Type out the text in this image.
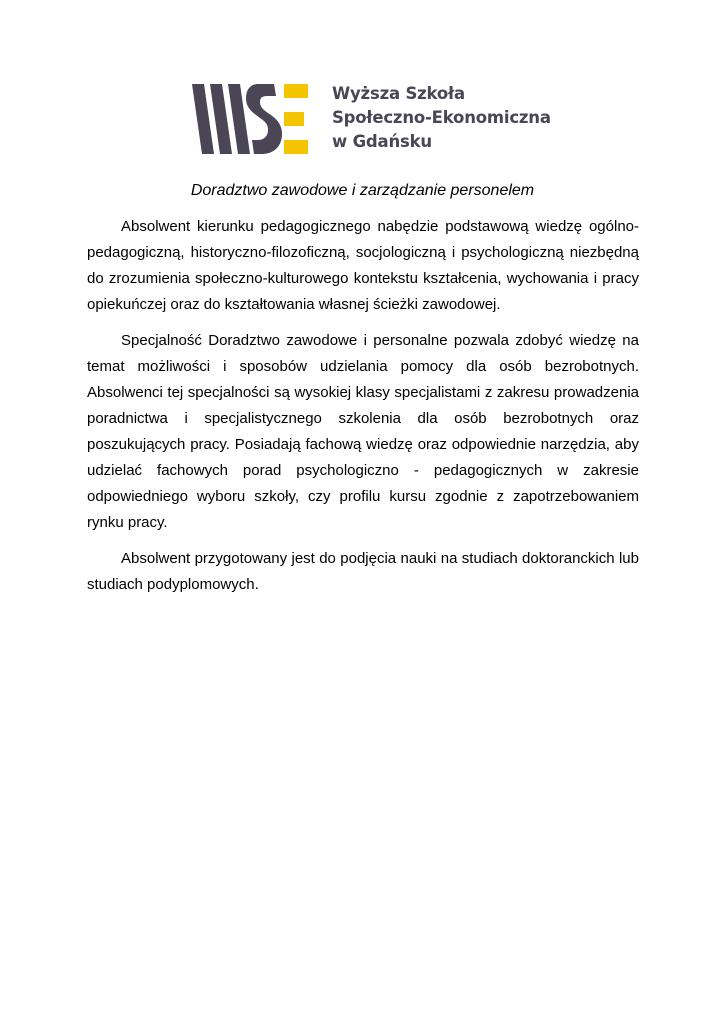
Wyższa Szkoła
Społeczno-Ekonomiczna
w Gdańsku
Doradztwo zawodowe i zarządzanie personelem

Absolwent kierunku pedagogicznego nabędzie podstawową wiedzę ogólno-pedagogiczną, historyczno-filozoficzną, socjologiczną i psychologiczną niezbędną do zrozumienia społeczno-kulturowego kontekstu kształcenia, wychowania i pracy opiekuńczej oraz do kształtowania własnej ścieżki zawodowej.

Specjalność Doradztwo zawodowe i personalne pozwala zdobyć wiedzę na temat możliwości i sposobów udzielania pomocy dla osób bezrobotnych. Absolwenci tej specjalności są wysokiej klasy specjalistami z zakresu prowadzenia poradnictwa i specjalistycznego szkolenia dla osób bezrobotnych oraz poszukujących pracy. Posiadają fachową wiedzę oraz odpowiednie narzędzia, aby udzielać fachowych porad psychologiczno - pedagogicznych w zakresie odpowiedniego wyboru szkoły, czy profilu kursu zgodnie z zapotrzebowaniem rynku pracy.

Absolwent przygotowany jest do podjęcia nauki na studiach doktoranckich lub studiach podyplomowych.
